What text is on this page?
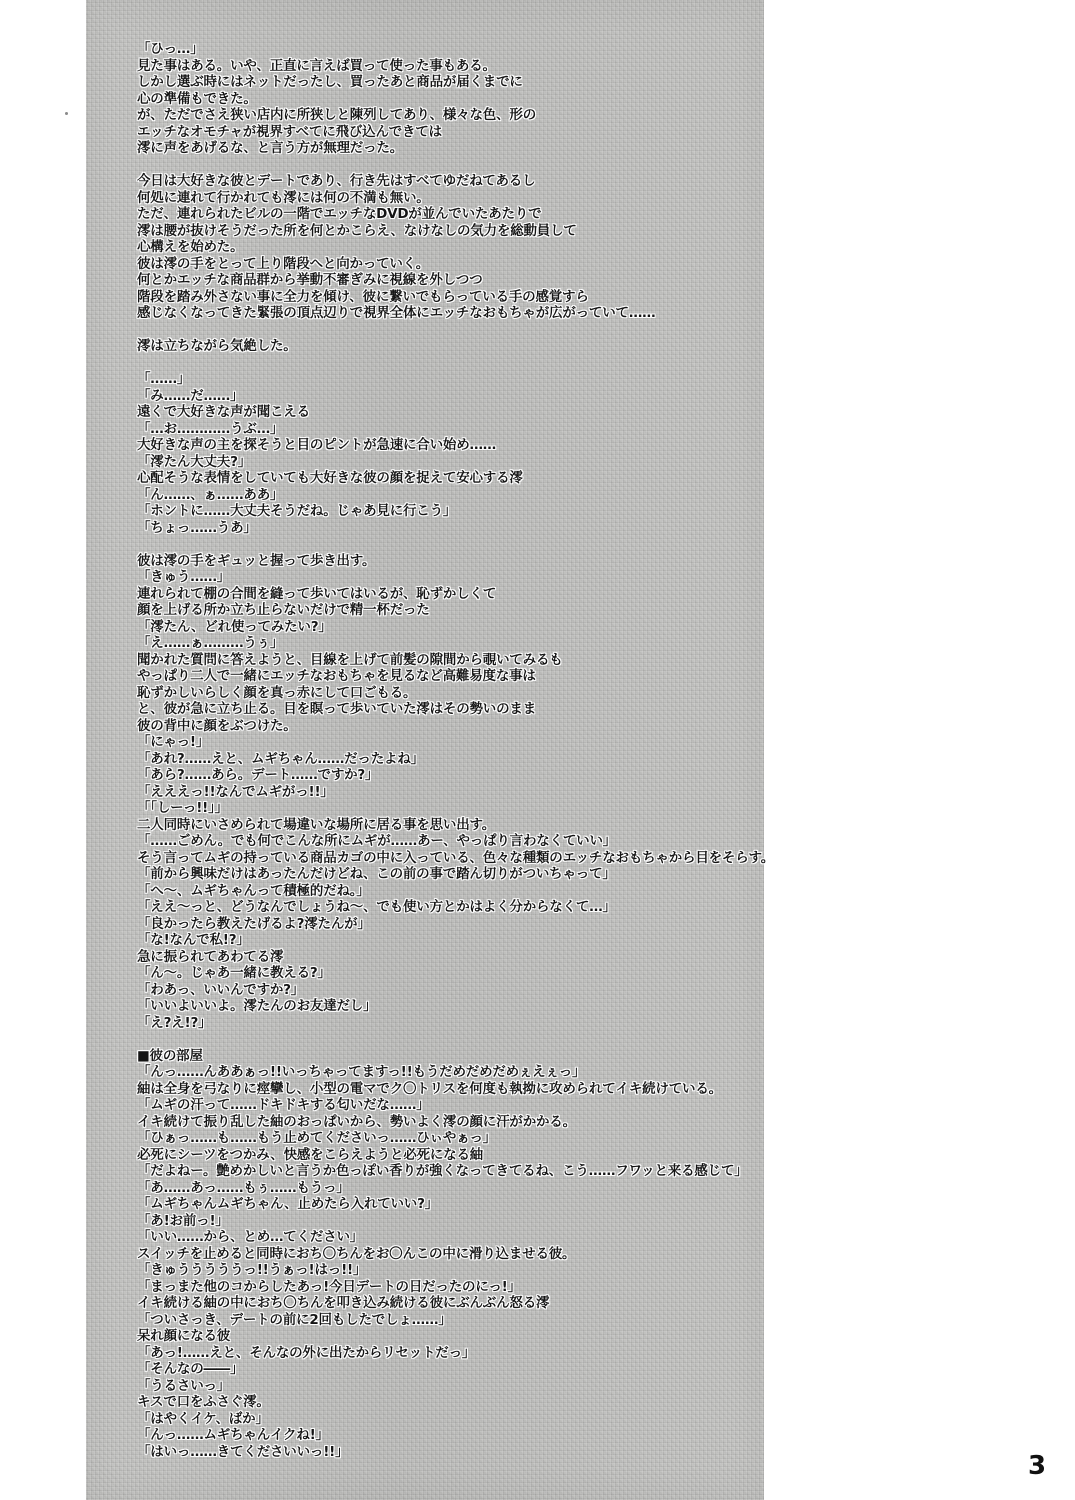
「ひっ…」
見た事はある。いや、正直に言えば買って使った事もある。
しかし選ぶ時にはネットだったし、買ったあと商品が届くまでに
心の準備もできた。
が、ただでさえ狭い店内に所狭しと陳列してあり、様々な色、形の
エッチなオモチャが視界すべてに飛び込んできては
澪に声をあげるな、と言う方が無理だった。
今日は大好きな彼とデートであり、行き先はすべてゆだねてあるし
何処に連れて行かれても澪には何の不満も無い。
ただ、連れられたビルの一階でエッチなDVDが並んでいたあたりで
澪は腰が抜けそうだった所を何とかこらえ、なけなしの気力を総動員して
心構えを始めた。
彼は澪の手をとって上り階段へと向かっていく。
何とかエッチな商品群から挙動不審ぎみに視線を外しつつ
階段を踏み外さない事に全力を傾け、彼に繋いでもらっている手の感覚すら
感じなくなってきた緊張の頂点辺りで視界全体にエッチなおもちゃが広がっていて……
澪は立ちながら気絶した。
「……」
「み……だ……」
遠くで大好きな声が聞こえる
「…お…………うぶ…」
大好きな声の主を探そうと目のピントが急速に合い始め……
「澪たん大丈夫?」
心配そうな表情をしていても大好きな彼の顔を捉えて安心する澪
「ん……、ぁ……ああ」
「ホントに……大丈夫そうだね。じゃあ見に行こう」
「ちょっ……うあ」
彼は澪の手をギュッと握って歩き出す。
「きゅう……」
連れられて棚の合間を縫って歩いてはいるが、恥ずかしくて
顔を上げる所か立ち止らないだけで精一杯だった
「澪たん、どれ使ってみたい?」
「え……ぁ………うぅ」
聞かれた質問に答えようと、目線を上げて前髪の隙間から覗いてみるも
やっぱり二人で一緒にエッチなおもちゃを見るなど高難易度な事は
恥ずかしいらしく顔を真っ赤にして口ごもる。
と、彼が急に立ち止る。目を瞑って歩いていた澪はその勢いのまま
彼の背中に顔をぶつけた。
「にゃっ!」
「あれ?……えと、ムギちゃん……だったよね」
「あら?……あら。デート……ですか?」
「えええっ!!なんでムギがっ!!」
「「しーっ!!」」
二人同時にいさめられて場違いな場所に居る事を思い出す。
「……ごめん。でも何でこんな所にムギが……あー、やっぱり言わなくていい」
そう言ってムギの持っている商品カゴの中に入っている、色々な種類のエッチなおもちゃから目をそらす。
「前から興味だけはあったんだけどね、この前の事で踏ん切りがついちゃって」
「へ〜、ムギちゃんって積極的だね。」
「ええ〜っと、どうなんでしょうね〜、でも使い方とかはよく分からなくて…」
「良かったら教えたげるよ?澪たんが」
「な!なんで私!?」
急に振られてあわてる澪
「ん〜。じゃあ一緒に教える?」
「わあっ、いいんですか?」
「いいよいいよ。澪たんのお友達だし」
「え?え!?」
■彼の部屋
「んっ……んああぁっ!!いっちゃってますっ!!もうだめだめだめぇえぇっ」
紬は全身を弓なりに痙攣し、小型の電マでク〇トリスを何度も執拗に攻められてイキ続けている。
「ムギの汗って……ドキドキする匂いだな……」
イキ続けて振り乱した紬のおっぱいから、勢いよく澪の顔に汗がかかる。
「ひぁっ……も……もう止めてくださいっ……ひぃやぁっ」
必死にシーツをつかみ、快感をこらえようと必死になる紬
「だよねー。艶めかしいと言うか色っぽい香りが強くなってきてるね、こう……フワッと来る感じて」
「あ……あっ……もぅ……もうっ」
「ムギちゃんムギちゃん、止めたら入れていい?」
「あ!お前っ!」
「いい……から、とめ…てください」
スイッチを止めると同時におち〇ちんをお〇んこの中に滑り込ませる彼。
「きゅうううううっ!!うぁっ!はっ!!」
「まっまた他のコからしたあっ!今日デートの日だったのにっ!」
イキ続ける紬の中におち〇ちんを叩き込み続ける彼にぶんぶん怒る澪
「ついさっき、デートの前に2回もしたでしょ……」
呆れ顔になる彼
「あっ!……えと、そんなの外に出たからリセットだっ」
「そんなの――」
「うるさいっ」
キスで口をふさぐ澪。
「はやくイケ、ばか」
「んっ……ムギちゃんイクね!」
「はいっ……きてくださいいっ!!」	3
